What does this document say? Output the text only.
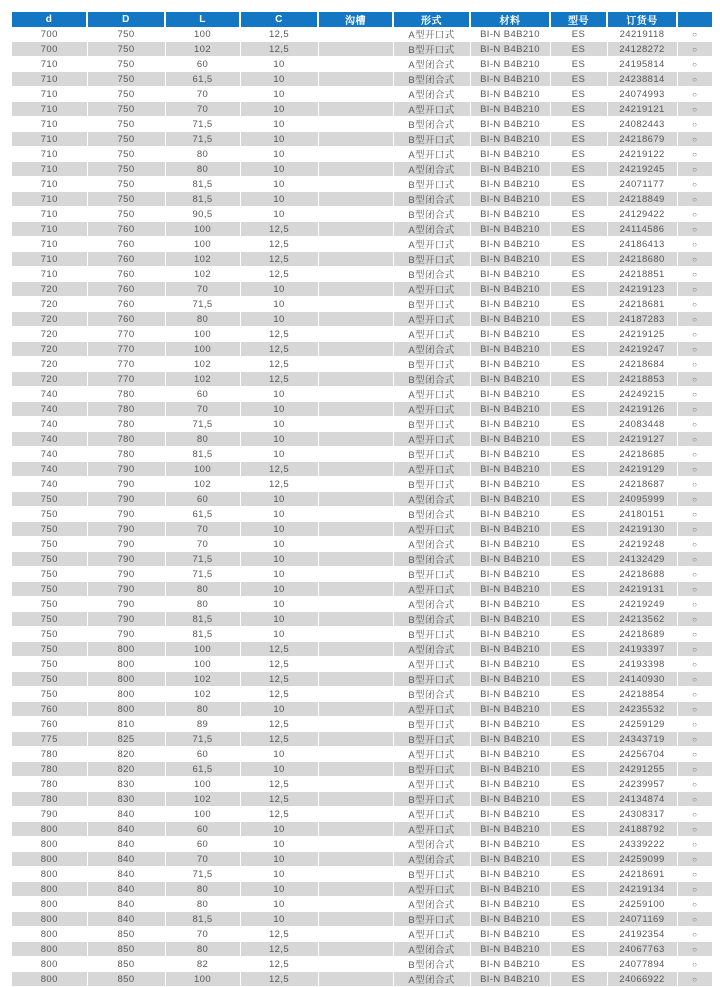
d	D	L	C	沟槽	形式	材料	型号	订货号	
700	750	100	12,5		A型开口式	BI-N B4B210	ES	24219118	○
700	750	102	12,5		B型开口式	BI-N B4B210	ES	24128272	○
710	750	60	10		A型闭合式	BI-N B4B210	ES	24195814	○
710	750	61,5	10		B型闭合式	BI-N B4B210	ES	24238814	○
710	750	70	10		A型闭合式	BI-N B4B210	ES	24074993	○
710	750	70	10		A型开口式	BI-N B4B210	ES	24219121	○
710	750	71,5	10		B型闭合式	BI-N B4B210	ES	24082443	○
710	750	71,5	10		B型开口式	BI-N B4B210	ES	24218679	○
710	750	80	10		A型开口式	BI-N B4B210	ES	24219122	○
710	750	80	10		A型闭合式	BI-N B4B210	ES	24219245	○
710	750	81,5	10		B型开口式	BI-N B4B210	ES	24071177	○
710	750	81,5	10		B型闭合式	BI-N B4B210	ES	24218849	○
710	750	90,5	10		B型闭合式	BI-N B4B210	ES	24129422	○
710	760	100	12,5		A型闭合式	BI-N B4B210	ES	24114586	○
710	760	100	12,5		A型开口式	BI-N B4B210	ES	24186413	○
710	760	102	12,5		B型开口式	BI-N B4B210	ES	24218680	○
710	760	102	12,5		B型闭合式	BI-N B4B210	ES	24218851	○
720	760	70	10		A型开口式	BI-N B4B210	ES	24219123	○
720	760	71,5	10		B型开口式	BI-N B4B210	ES	24218681	○
720	760	80	10		A型开口式	BI-N B4B210	ES	24187283	○
720	770	100	12,5		A型开口式	BI-N B4B210	ES	24219125	○
720	770	100	12,5		A型闭合式	BI-N B4B210	ES	24219247	○
720	770	102	12,5		B型开口式	BI-N B4B210	ES	24218684	○
720	770	102	12,5		B型闭合式	BI-N B4B210	ES	24218853	○
740	780	60	10		A型开口式	BI-N B4B210	ES	24249215	○
740	780	70	10		A型开口式	BI-N B4B210	ES	24219126	○
740	780	71,5	10		B型开口式	BI-N B4B210	ES	24083448	○
740	780	80	10		A型开口式	BI-N B4B210	ES	24219127	○
740	780	81,5	10		B型开口式	BI-N B4B210	ES	24218685	○
740	790	100	12,5		A型开口式	BI-N B4B210	ES	24219129	○
740	790	102	12,5		B型开口式	BI-N B4B210	ES	24218687	○
750	790	60	10		A型闭合式	BI-N B4B210	ES	24095999	○
750	790	61,5	10		B型闭合式	BI-N B4B210	ES	24180151	○
750	790	70	10		A型开口式	BI-N B4B210	ES	24219130	○
750	790	70	10		A型闭合式	BI-N B4B210	ES	24219248	○
750	790	71,5	10		B型闭合式	BI-N B4B210	ES	24132429	○
750	790	71,5	10		B型开口式	BI-N B4B210	ES	24218688	○
750	790	80	10		A型开口式	BI-N B4B210	ES	24219131	○
750	790	80	10		A型闭合式	BI-N B4B210	ES	24219249	○
750	790	81,5	10		B型闭合式	BI-N B4B210	ES	24213562	○
750	790	81,5	10		B型开口式	BI-N B4B210	ES	24218689	○
750	800	100	12,5		A型闭合式	BI-N B4B210	ES	24193397	○
750	800	100	12,5		A型开口式	BI-N B4B210	ES	24193398	○
750	800	102	12,5		B型开口式	BI-N B4B210	ES	24140930	○
750	800	102	12,5		B型闭合式	BI-N B4B210	ES	24218854	○
760	800	80	10		A型开口式	BI-N B4B210	ES	24235532	○
760	810	89	12,5		B型开口式	BI-N B4B210	ES	24259129	○
775	825	71,5	12,5		B型开口式	BI-N B4B210	ES	24343719	○
780	820	60	10		A型开口式	BI-N B4B210	ES	24256704	○
780	820	61,5	10		B型开口式	BI-N B4B210	ES	24291255	○
780	830	100	12,5		A型开口式	BI-N B4B210	ES	24239957	○
780	830	102	12,5		B型开口式	BI-N B4B210	ES	24134874	○
790	840	100	12,5		A型开口式	BI-N B4B210	ES	24308317	○
800	840	60	10		A型开口式	BI-N B4B210	ES	24188792	○
800	840	60	10		A型闭合式	BI-N B4B210	ES	24339222	○
800	840	70	10		A型闭合式	BI-N B4B210	ES	24259099	○
800	840	71,5	10		B型开口式	BI-N B4B210	ES	24218691	○
800	840	80	10		A型开口式	BI-N B4B210	ES	24219134	○
800	840	80	10		A型闭合式	BI-N B4B210	ES	24259100	○
800	840	81,5	10		B型开口式	BI-N B4B210	ES	24071169	○
800	850	70	12,5		A型开口式	BI-N B4B210	ES	24192354	○
800	850	80	12,5		A型闭合式	BI-N B4B210	ES	24067763	○
800	850	82	12,5		B型闭合式	BI-N B4B210	ES	24077894	○
800	850	100	12,5		A型闭合式	BI-N B4B210	ES	24066922	○
